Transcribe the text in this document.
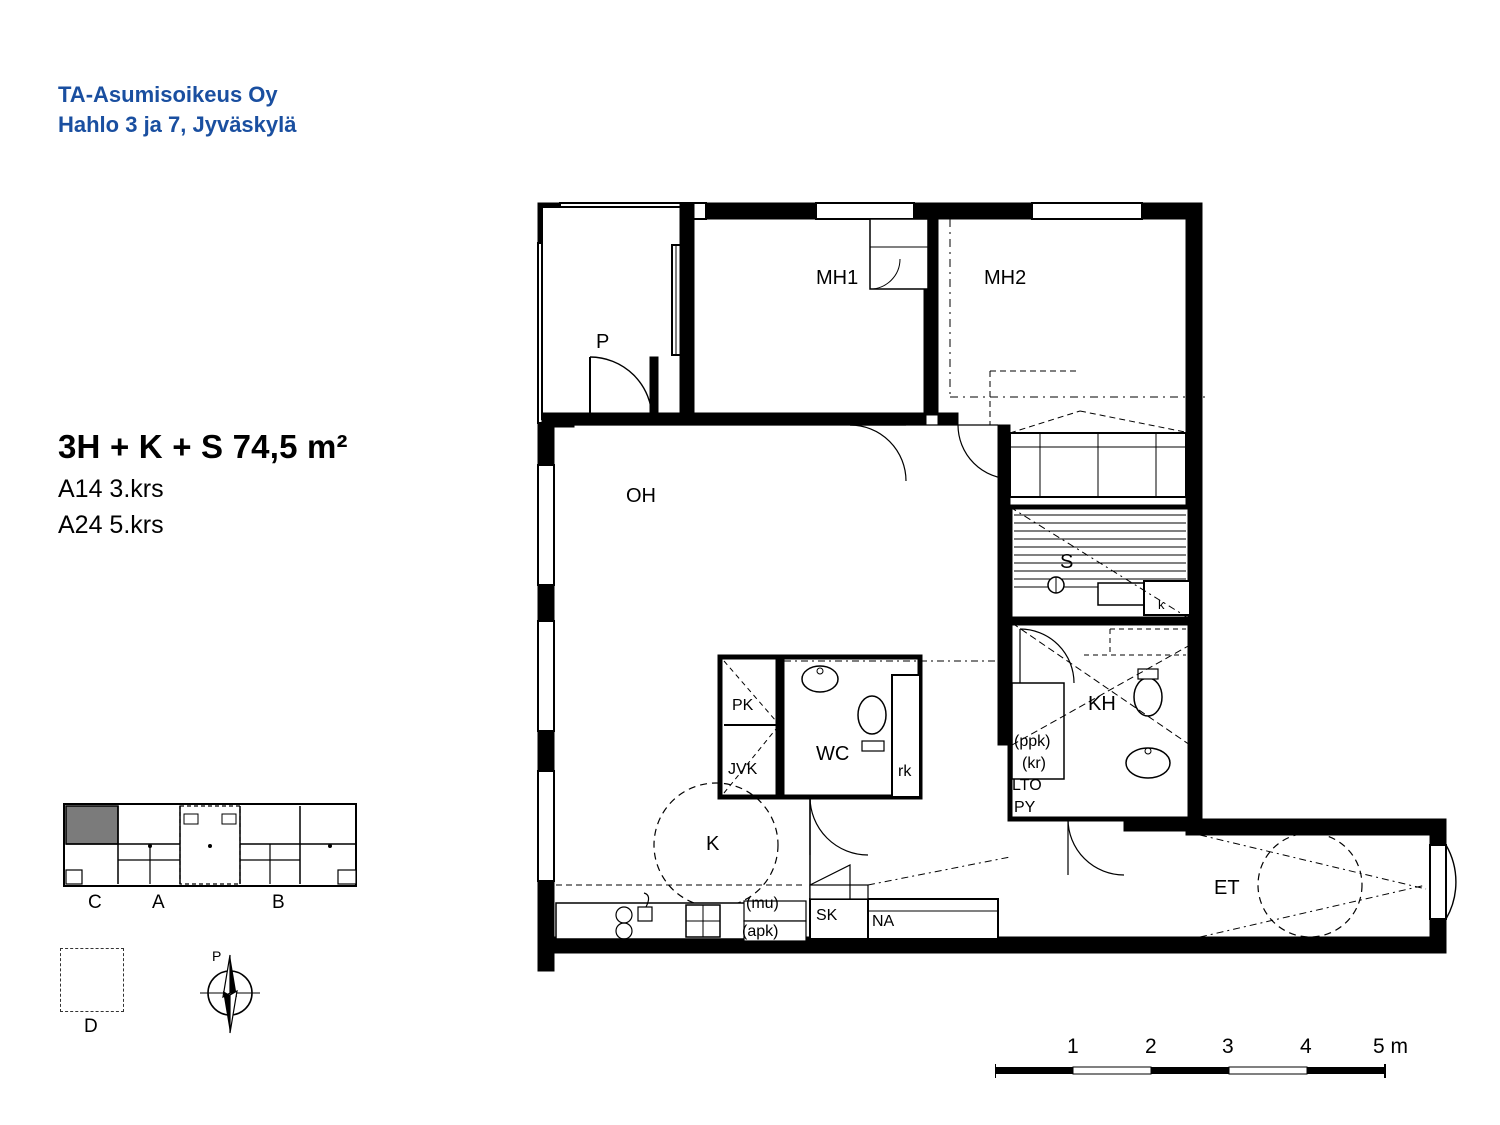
TA-Asumisoikeus Oy
Hahlo 3 ja 7, Jyväskylä
3H + K + S 74,5 m²
A14 3.krs
A24 5.krs
C	A	B
D
P
1	2	3	4	5 m
P
MH1	MH2
OH
S
KH
WC
PK
JVK
K
SK NA
ET
(mu)
(apk)
(ppk)
(kr)
LTO
PY
rk
k
